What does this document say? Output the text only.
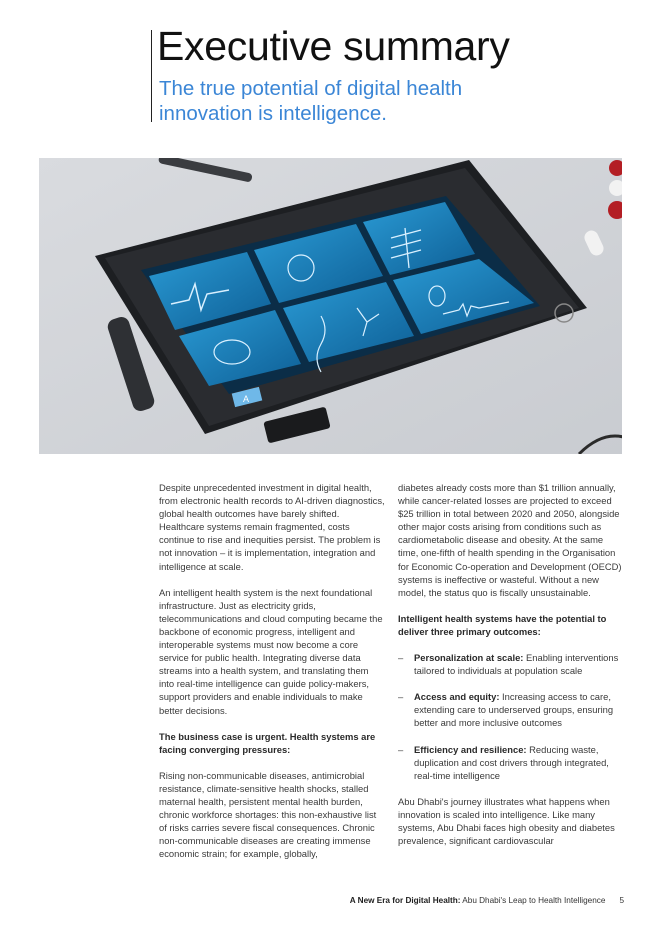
Executive summary
The true potential of digital health innovation is intelligence.
A

Despite unprecedented investment in digital health, from electronic health records to AI-driven diagnostics, global health outcomes have barely shifted. Healthcare systems remain fragmented, costs continue to rise and inequities persist. The problem is not innovation – it is implementation, integration and intelligence at scale.

An intelligent health system is the next foundational infrastructure. Just as electricity grids, telecommunications and cloud computing became the backbone of economic progress, intelligent and interoperable systems must now become a core service for public health. Integrating diverse data streams into a health system, and translating them into real-time intelligence can guide policy-makers, support providers and enable individuals to make better decisions.

The business case is urgent. Health systems are facing converging pressures:

Rising non-communicable diseases, antimicrobial resistance, climate-sensitive health shocks, stalled maternal health, persistent mental health burden, chronic workforce shortages: this non-exhaustive list of risks carries severe fiscal consequences. Chronic non-communicable diseases are creating immense economic strain; for example, globally,

diabetes already costs more than $1 trillion annually, while cancer-related losses are projected to exceed $25 trillion in total between 2020 and 2050, alongside other major costs arising from conditions such as cardiometabolic disease and obesity. At the same time, one-fifth of health spending in the Organisation for Economic Co-operation and Development (OECD) systems is ineffective or wasteful. Without a new model, the status quo is fiscally unsustainable.

Intelligent health systems have the potential to deliver three primary outcomes:

– Personalization at scale: Enabling interventions tailored to individuals at population scale
– Access and equity: Increasing access to care, extending care to underserved groups, ensuring better and more inclusive outcomes
– Efficiency and resilience: Reducing waste, duplication and cost drivers through integrated, real-time intelligence

Abu Dhabi's journey illustrates what happens when innovation is scaled into intelligence. Like many systems, Abu Dhabi faces high obesity and diabetes prevalence, significant cardiovascular

A New Era for Digital Health: Abu Dhabi's Leap to Health Intelligence 5
